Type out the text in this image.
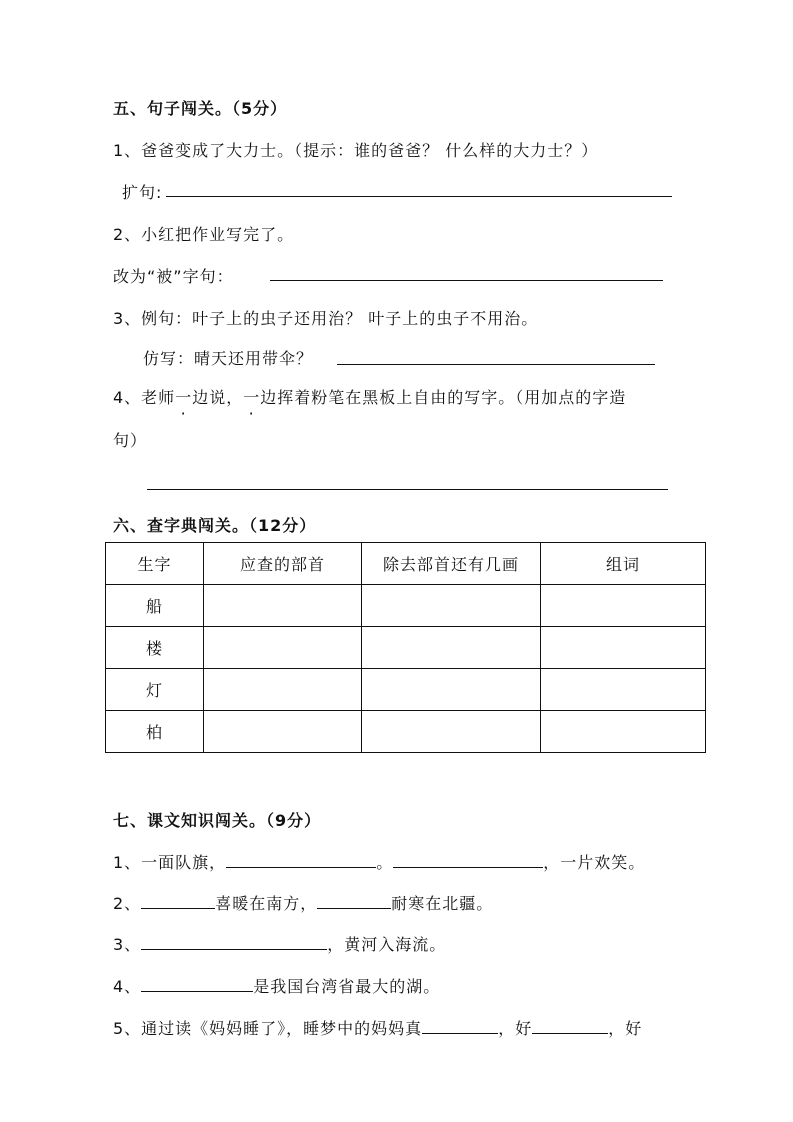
五、句子闯关。（5分）
1、爸爸变成了大力士。（提示：谁的爸爸？ 什么样的大力士？）
扩句:
2、小红把作业写完了。
改为“被”字句：
3、例句：叶子上的虫子还用治？ 叶子上的虫子不用治。
仿写：晴天还用带伞？
4、老师一边说，一边挥着粉笔在黑板上自由的写字。（用加点的字造
句）
六、查字典闯关。（12分）
生字	应查的部首	除去部首还有几画	组词
船			
楼			
灯			
柏			
七、课文知识闯关。（9分）
1、一面队旗，	。	，一片欢笑。
2、	喜暖在南方，	耐寒在北疆。
3、	，黄河入海流。
4、	是我国台湾省最大的湖。
5、通过读《妈妈睡了》，睡梦中的妈妈真	，好	，好
